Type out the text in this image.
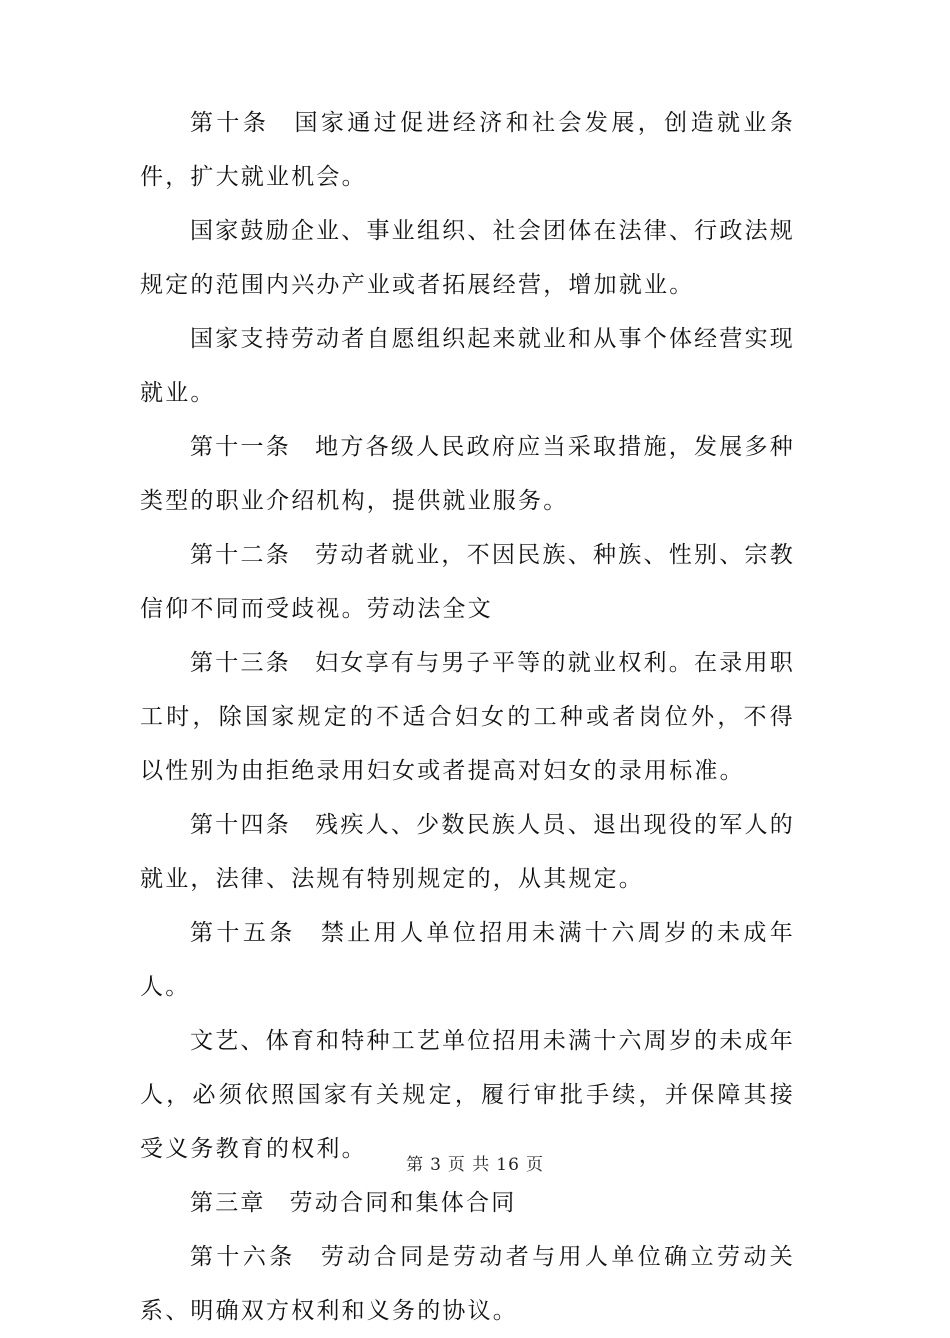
第十条 国家通过促进经济和社会发展，创造就业条件，扩大就业机会。

国家鼓励企业、事业组织、社会团体在法律、行政法规规定的范围内兴办产业或者拓展经营，增加就业。

国家支持劳动者自愿组织起来就业和从事个体经营实现就业。

第十一条 地方各级人民政府应当采取措施，发展多种类型的职业介绍机构，提供就业服务。

第十二条 劳动者就业，不因民族、种族、性别、宗教信仰不同而受歧视。劳动法全文

第十三条 妇女享有与男子平等的就业权利。在录用职工时，除国家规定的不适合妇女的工种或者岗位外，不得以性别为由拒绝录用妇女或者提高对妇女的录用标准。

第十四条 残疾人、少数民族人员、退出现役的军人的就业，法律、法规有特别规定的，从其规定。

第十五条 禁止用人单位招用未满十六周岁的未成年人。

文艺、体育和特种工艺单位招用未满十六周岁的未成年人，必须依照国家有关规定，履行审批手续，并保障其接受义务教育的权利。

第三章 劳动合同和集体合同

第十六条 劳动合同是劳动者与用人单位确立劳动关系、明确双方权利和义务的协议。

第 3 页 共 16 页
